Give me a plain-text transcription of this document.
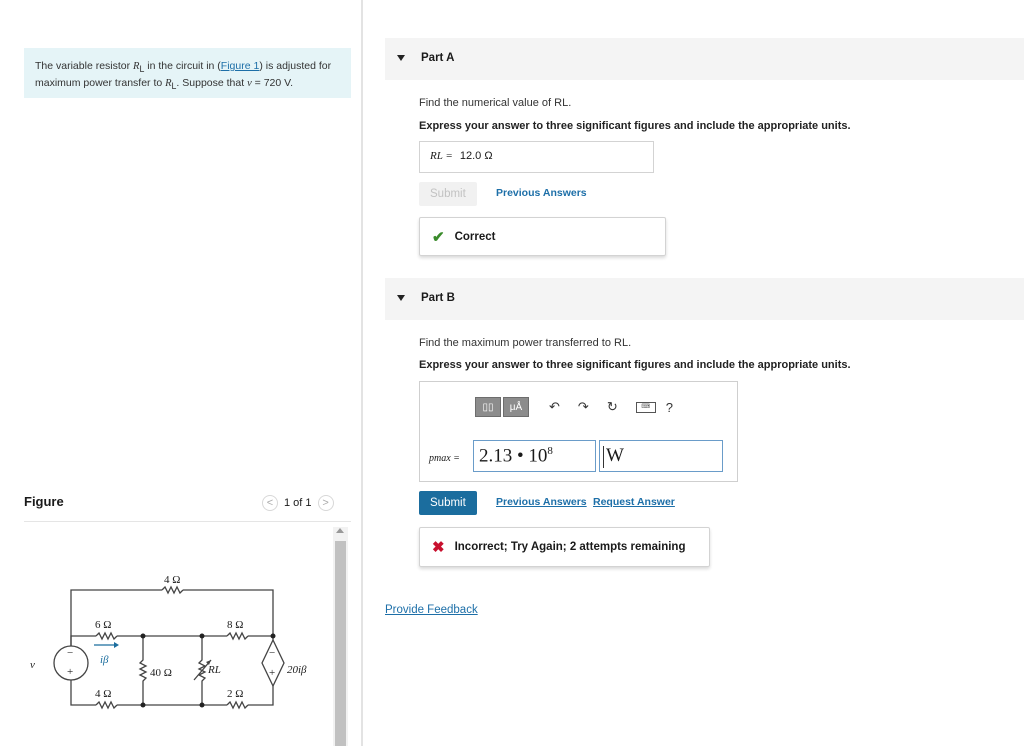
The variable resistor $R_L$ in the circuit in (Figure 1) is adjusted for maximum power transfer to $R_L$. Suppose that v = 720 V.
Figure	< 1 of 1 >
4 Ω
6 Ω
4 Ω
40 Ω
8 Ω
2 Ω
RL
iβ
v	20iβ
−
+
−
+
Part A
Find the numerical value of RL.
Express your answer to three significant figures and include the appropriate units.
RL = 12.0 Ω
Submit	Previous Answers
✔ Correct
Part B
Find the maximum power transferred to RL.
Express your answer to three significant figures and include the appropriate units.
▯▯	μÅ	↶ ↷ ↻	⌨	?
pmax =	2.13 • $10^8$	W
Submit	Previous Answers Request Answer
✖ Incorrect; Try Again; 2 attempts remaining
Provide Feedback
